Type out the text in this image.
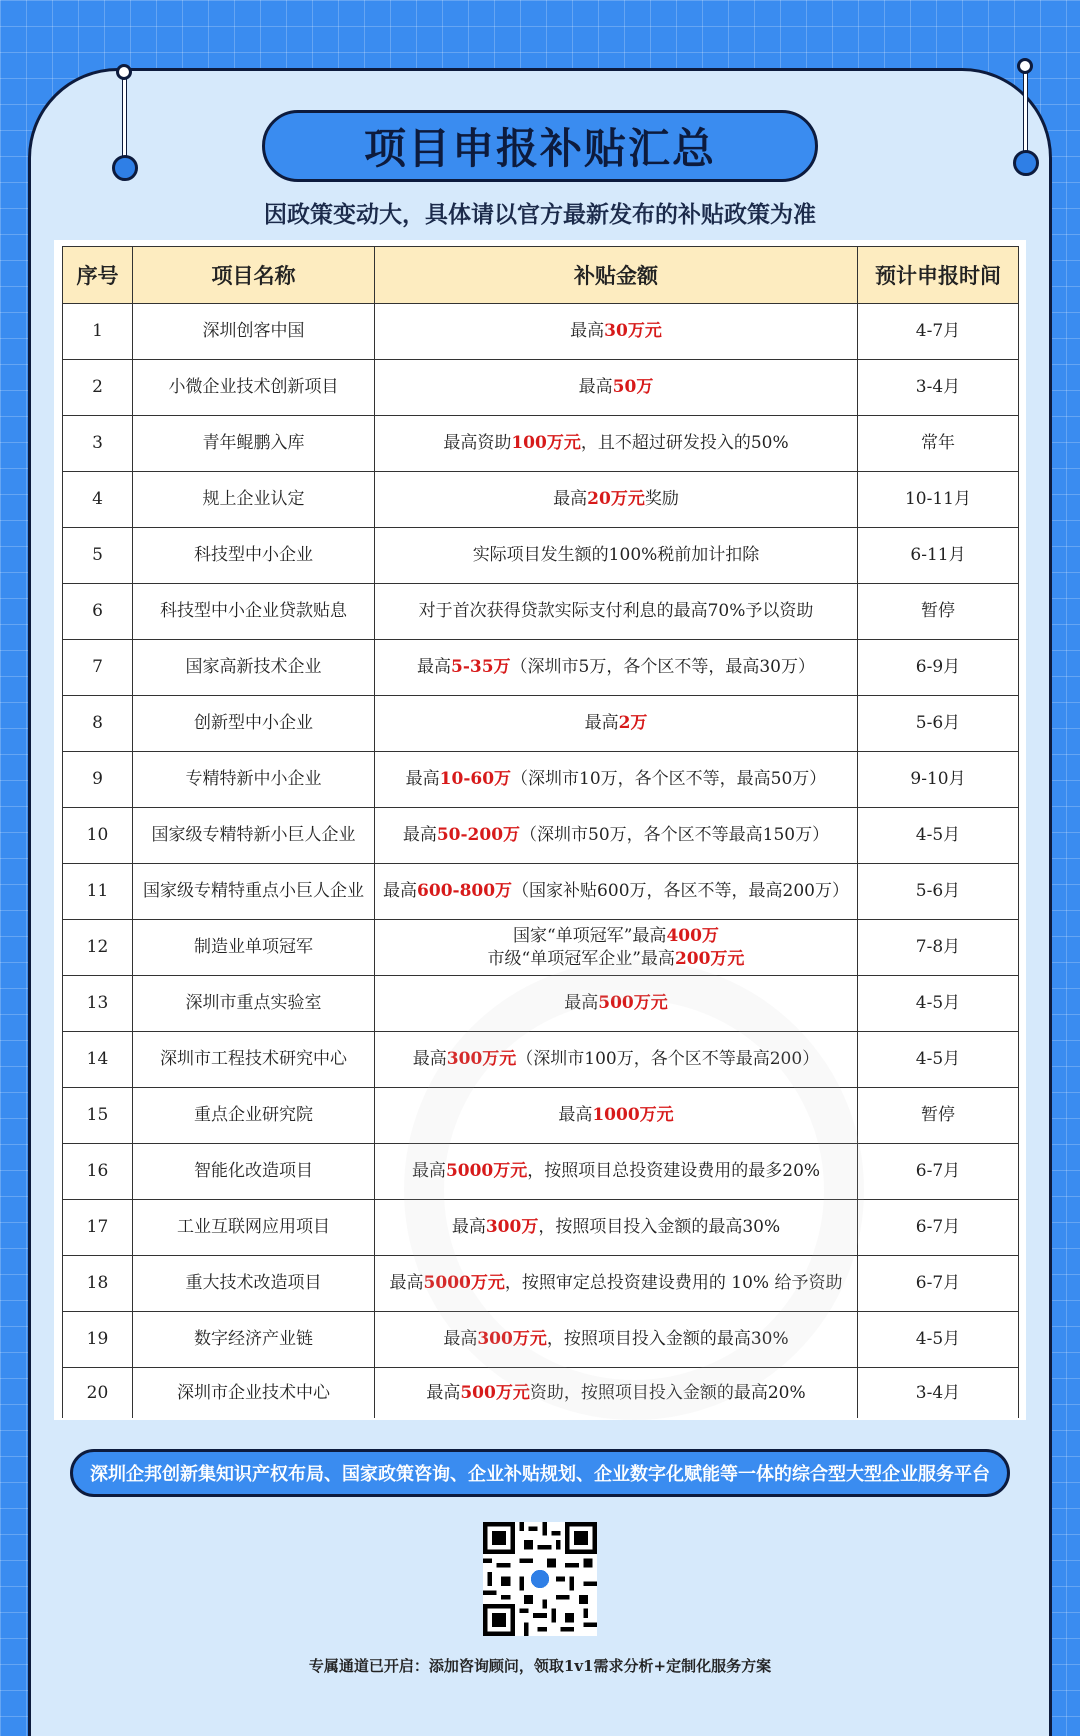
项目申报补贴汇总
因政策变动大，具体请以官方最新发布的补贴政策为准
序号	项目名称	补贴金额	预计申报时间
1	深圳创客中国	最高30万元	4-7月
2	小微企业技术创新项目	最高50万	3-4月
3	青年鲲鹏入库	最高资助100万元，且不超过研发投入的50%	常年
4	规上企业认定	最高20万元奖励	10-11月
5	科技型中小企业	实际项目发生额的100%税前加计扣除	6-11月
6	科技型中小企业贷款贴息	对于首次获得贷款实际支付利息的最高70%予以资助	暂停
7	国家高新技术企业	最高5-35万（深圳市5万，各个区不等，最高30万）	6-9月
8	创新型中小企业	最高2万	5-6月
9	专精特新中小企业	最高10-60万（深圳市10万，各个区不等，最高50万）	9-10月
10	国家级专精特新小巨人企业	最高50-200万（深圳市50万，各个区不等最高150万）	4-5月
11	国家级专精特重点小巨人企业	最高600-800万（国家补贴600万，各区不等，最高200万）	5-6月
12	制造业单项冠军	国家“单项冠军”最高400万
市级“单项冠军企业”最高200万元	7-8月
13	深圳市重点实验室	最高500万元	4-5月
14	深圳市工程技术研究中心	最高300万元（深圳市100万，各个区不等最高200）	4-5月
15	重点企业研究院	最高1000万元	暂停
16	智能化改造项目	最高5000万元，按照项目总投资建设费用的最多20%	6-7月
17	工业互联网应用项目	最高300万，按照项目投入金额的最高30%	6-7月
18	重大技术改造项目	最高5000万元，按照审定总投资建设费用的 10% 给予资助	6-7月
19	数字经济产业链	最高300万元，按照项目投入金额的最高30%	4-5月
20	深圳市企业技术中心	最高500万元资助，按照项目投入金额的最高20%	3-4月
深圳企邦创新集知识产权布局、国家政策咨询、企业补贴规划、企业数字化赋能等一体的综合型大型企业服务平台
专属通道已开启：添加咨询顾问，领取1v1需求分析+定制化服务方案
